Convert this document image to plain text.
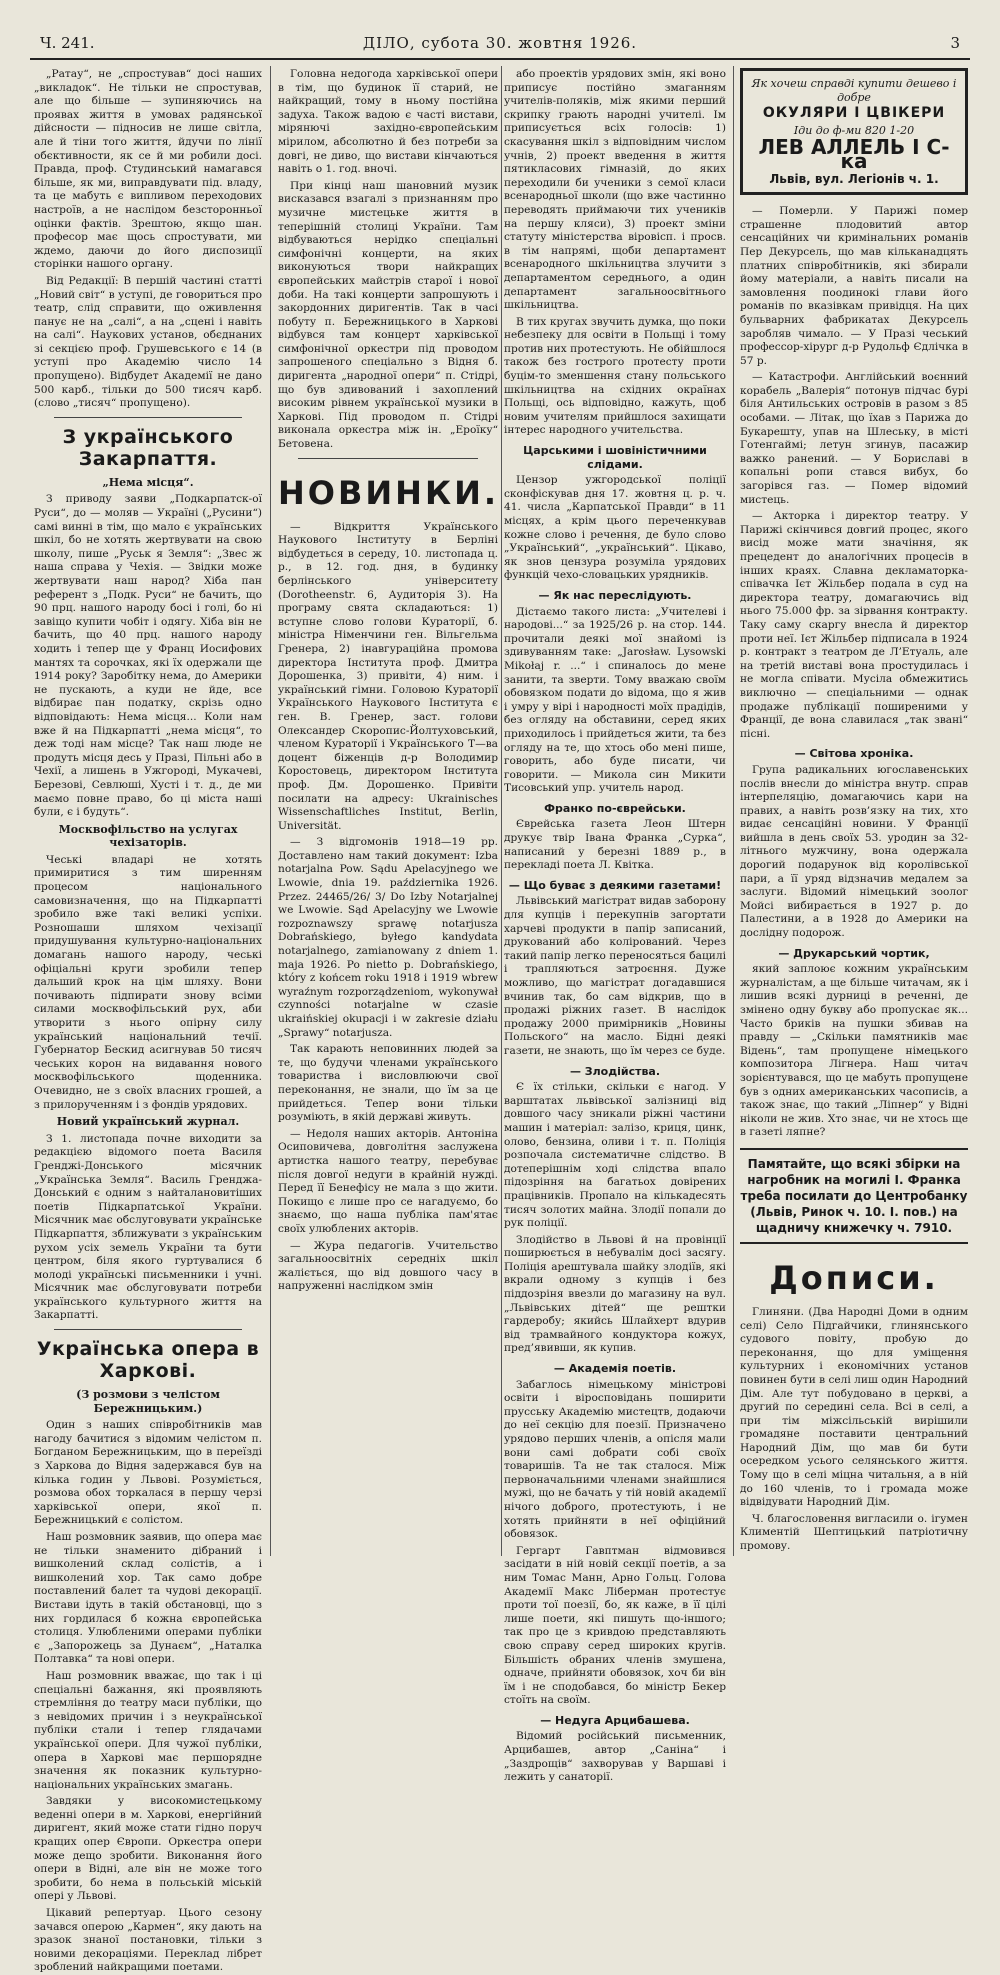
Ч. 241.	ДІЛО, субота 30. жовтня 1926.	3

„Ратау“, не „спростував“ досі наших „викладок“. Не тільки не спростував, але що більше — зупиняючись на проявах життя в умовах радянської дійсности — підносив не лише світла, але й тіни того життя, йдучи по лінії обєктивности, як се й ми робили досі. Правда, проф. Студинський намагався більше, як ми, виправдувати під. владу, та це мабуть є випливом переходових настроїв, а не наслідом безсторонньої оцінки фактів. Зрештою, якщо шан. професор має щось спростувати, ми ждемо, даючи до його диспозиції сторінки нашого органу.

Від Редакції: В першій частині статті „Новий світ“ в уступі, де говориться про театр, слід справити, що оживлення панує не на „салі“, а на „сцені і навіть на салі“. Наукових установ, обєднаних зі секцією проф. Грушевського є 14 (в уступі про Академію число 14 пропущено). Відбудет Академії не дано 500 карб., тільки до 500 тисяч карб. (слово „тисяч“ пропущено).

З українського Закарпаття.
„Нема місця“.

З приводу заяви „Подкарпатск-ої Руси“, до — моляв — Україні („Русини“) самі винні в тім, що мало є українських шкіл, бо не хотять жертвувати на свою школу, пише „Руськ я Земля“: „Звес ж наша справа у Чехія. — Звідки може жертвувати наш народ? Хіба пан референт з „Подк. Руси“ не бачить, що 90 прц. нашого народу босі і голі, бо ні завіщо купити чобіт і одягу. Хіба він не бачить, що 40 прц. нашого народу ходить і тепер ще у Франц Иосифових мантях та сорочках, які їх одержали ще 1914 року? Заробітку нема, до Америки не пускають, а куди не йде, все відбирає пан податку, скрізь одно відповідають: Нема місця... Коли нам вже й на Підкарпатті „нема місця“, то деж тоді нам місце? Так наш люде не продуть місця десь у Празі, Пільні або в Чехії, а лишень в Ужгороді, Мукачеві, Березові, Севлюші, Хусті і т. д., де ми маємо повне право, бо ці міста наші були, є і будуть“.

Москвофільство на услугах чехізаторів.

Чеські владарі не хотять примиритися з тим ширенням процесом національного самовизначення, що на Підкарпатті зробило вже такі великі успіхи. Розношаши шляхом чехізації придушування культурно-національних домагань нашого народу, чеські офіціальні круги зробили тепер дальший крок на цім шляху. Вони почивають підпирати знову всіми силами москвофільський рух, аби утворити з нього опірну силу український національний течії. Губернатор Бескид асигнував 50 тисяч чеських корон на видавання нового москвофільського щоденника. Очевидно, не з своїх власних грошей, а з прилорученням і з фондів урядових.

Новий український журнал.

З 1. листопада почне виходити за редакцією відомого поета Василя Гренджі-Донського місячник „Українська Земля“. Василь Гренджа-Донський є одним з найталановитіших поетів Підкарпатської України. Місячник має обслуговувати українське Підкарпаття, зближувати з українським рухом усіх земель України та бути центром, біля якого гуртувалися б молоді українські письменники і учні. Місячник має обслуговувати потреби українського культурного життя на Закарпатті.

Українська опера в Харкові.
(З розмови з челістом Бережницьким.)

Один з наших співробітників мав нагоду бачитися з відомим челістом п. Богданом Бережницьким, що в переїзді з Харкова до Відня задержався був на кілька годин у Львові. Розуміється, розмова обох торкалася в першу черзі харківської опери, якої п. Бережницький є солістом.

Наш розмовник заявив, що опера має не тільки знаменито дібраний і вишколений склад солістів, а і вишколений хор. Так само добре поставлений балет та чудові декорації. Вистави ідуть в такій обстановці, що з них гордилася б кожна європейська столиця. Улюбленими операми публіки є „Запорожець за Дунаєм“, „Наталка Полтавка“ та нові опери.

Наш розмовник вважає, що так і ці спеціальні бажання, які проявляють стремління до театру маси публіки, що з невідомих причин і з неукраїнської публіки стали і тепер глядачами української опери. Для чужої публіки, опера в Харкові має першорядне значення як показник культурно-національних українських змагань.

Завдяки у високомистецькому веденні опери в м. Харкові, енергійний диригент, який може стати гідно поруч кращих опер Європи. Оркестра опери може дещо зробити. Виконання його опери в Віднi, але він не може того зробити, бо нема в польській міській опері у Львові.

Цікавий репертуар. Цього сезону зачався оперою „Кармен“, яку дають на зразок знаної постановки, тільки з новими декораціями. Переклад лібрет зроблений найкращими поетами.

Головна недогода харківської опери в тім, що будинок її старий, не найкращий, тому в ньому постійна задуха. Також вадою є часті вистави, мірянючі західно-європейським мірилом, абсолютно й без потреби за довгі, не диво, що вистави кінчаються навіть о 1. год. вночі.

При кінці наш шановний музик висказався взагалі з признанням про музичне мистецьке життя в теперішній столиці України. Там відбуваються нерідко спеціальні симфонічні концерти, на яких виконуються твори найкращих європейських майстрів старої і нової доби. На такі концерти запрошують і закордонних диригентів. Так в часі побуту п. Бережницького в Харкові відбувся там концерт харківської симфонічної оркестри під проводом запрошеного спеціально з Відня б. диригента „народної опери“ п. Стідрі, що був здивований і захоплений високим рівнем української музики в Харкові. Під проводом п. Стідрі виконала оркестра між ін. „Ероїку“ Бетовена.

НОВИНКИ.

— Відкриття Українського Наукового Інституту в Берліні відбудеться в середу, 10. листопада ц. р., в 12. год. дня, в будинку берлінського університету (Dorotheenstr. 6, Аудиторія 3). На програму свята складаються: 1) вступне слово голови Кураторії, б. міністра Німенчини ген. Вільгельма Гренера, 2) інавгураційна промова директора Інститута проф. Дмитра Дорошенка, 3) привіти, 4) ним. і український гімни. Головою Кураторії Українського Наукового Інститута є ген. В. Гренер, заст. голови Олександер Скоропис-Йолтуховський, членом Кураторії і Українського Т—ва доцент біженців д-р Володимир Коростовець, директором Інститута проф. Дм. Дорошенко. Привіти посилати на адресу: Ukrainisches Wissenschaftliches Institut, Berlin, Universität.

— З відгомонів 1918—19 рр. Доставлено нам такий документ: Izba notarjalna Pow. Sądu Apelacyjnego we Lwowie, dnia 19. października 1926. Przez. 24465/26/ 3/ Do Izby Notarjalnej we Lwowie. Sąd Apelacyjny we Lwowie rozpoznawszy sprawę notarjusza Dobrańskiego, byłego kandydata notarjalnego, zamianowany z dniem 1. maja 1926. Po nietto p. Dobrańskiego, który z końcem roku 1918 i 1919 wbrew wyraźnym rozporządzeniom, wykonywał czynności notarjalne w czasie ukraińskiej okupacji i w zakresie działu „Sprawy“ notarjusza.

Так карають неповинних людей за те, що будучи членами українського товариства і висловлюючи свої переконання, не знали, що їм за це прийдеться. Тепер вони тільки розуміють, в якій державі живуть.

— Недоля наших акторів. Антоніна Осиповичева, довголітня заслужена артистка нашого театру, перебуває після довгої недуги в крайній нужді. Перед її Бенефісу не мала з що жити. Покищо є лише про се нагадуємо, бо знаємо, що наша публіка пам'ятає своїх улюблених акторів.

— Жура педагогів. Учительство загальноосвітніх середніх шкіл жаліється, що від довшого часу в напруженні наслідком змін

або проектів урядових змін, які воно приписує постійно змаганням учителів-поляків, між якими перший скрипку грають народні учителі. Ім приписується всіх голосів: 1) скасування шкіл з відповідним числом учнів, 2) проект введення в життя пятикласових гімназій, до яких переходили би ученики з семої класи всенародньої школи (що вже частинно переводять приймаючи тих учеників на першу кляси), 3) проект зміни статуту міністерства віровісп. і просв. в тім напрямі, щоби департамент всенародного шкільництва злучити з департаментом середнього, а один департамент загальноосвітнього шкільництва.

В тих кругах звучить думка, що поки небезпеку для освіти в Польщі і тому против них протестують. Не обійшлося також без гострого протесту проти буцім-то зменшення стану польського шкільництва на східних окраїнах Польщі, ось відповідно, кажуть, щоб новим учителям прийшлося захищати інтерес народного учительства.

Царськими і шовіністичними слідами.

Цензор ужгородської поліції сконфіскував дня 17. жовтня ц. р. ч. 41. числа „Карпатської Правди“ в 11 місцях, а крім цього переченкував кожне слово і речення, де було слово „Український“, „український“. Цікаво, як знов цензура розуміла урядових функцій чехо-словацьких урядників.

— Як нас переслідують.

Дістаємо такого листа: „Учителеві і народові...“ за 1925/26 р. на стор. 144. прочитали деякі мої знайомі із здивуванням таке: „Jarosław. Lysowski Mikołaj r. ...“ і спиналось до мене занити, та зверти. Тому вважаю своїм обовязком подати до відома, що я жив і умру у вірі і народності моїх прадідів, без огляду на обставини, серед яких приходилось і прийдеться жити, та без огляду на те, що хтось обо мені пише, говорить, або буде писати, чи говорити. — Микола син Микити Тисовський упр. учитель народ.

Франко по-єврейськи.

Єврейська газета Леон Штерн друкує твір Івана Франка „Сурка“, написаний у березні 1889 р., в перекладі поета Л. Квітка.

— Що буває з деякими газетами!

Львівський магістрат видав заборону для купців і перекупнів загортати харчеві продукти в папір записаний, друкований або колірований. Через такий папір легко переносяться бацилі і трапляються затроєння. Дуже можливо, що магістрат догадавшися вчинив так, бо сам відкрив, що в продажі ріжних газет. В наслідок продажу 2000 примірників „Новины Польского“ на масло. Бідні деякі газети, не знають, що їм через се буде.

— Злодійства.

Є їх стільки, скільки є нагод. У варштатах львівської залізниці від довшого часу зникали ріжні частини машин і матеріал: залізо, криця, цинк, олово, бензина, оливи і т. п. Поліція розпочала систематичне слідство. В дотеперішнім ході слідства впало підозріння на багатьох довірених працівників. Пропало на кількадесять тисяч золотих майна. Злодії попали до рук поліції.

Злодійство в Львові й на провінції поширюється в небувалім досі засягу. Поліція арештувала шайку злодіїв, які вкрали одному з купців і без піддозріня ввезли до магазину на вул. „Львівських дітей“ ще рештки гардеробу; якийсь Шлайхерт вдурив від трамвайного кондуктора кожух, пред’явивши, як купив.

— Академія поетів.

Забаглось німецькому міністрові освіти і віросповідань поширити прусську Академію мистецтв, додаючи до неї секцію для поезії. Призначено урядово перших членів, а опісля мали вони самі добрати собі своїх товаришів. Та не так сталося. Між первоначальними членами знайшлися мужі, що не бачать у тій новій академії нічого доброго, протестують, і не хотять прийняти в неї офіційний обовязок.

Гергарт Гавптман відмовився засідати в ній новій секції поетів, а за ним Томас Манн, Арно Гольц. Голова Академії Макс Ліберман протестує проти тої поезії, бо, як каже, в її цілі лише поети, які пишуть що-іншого; так про це з кривдою представляють свою справу серед широких кругів. Більшість обраних членів змушена, одначе, прийняти обовязок, хоч би він їм і не сподобався, бо міністр Бекер стоїть на своїм.

— Недуга Арцибашева.

Відомий російський письменник, Арцибашев, автор „Саніна“ і „Заздрощів“ захворував у Варшаві і лежить у санаторії.

Як хочеш справді купити дешево і добре
ОКУЛЯРИ І ЦВІКЕРИ
Іди до ф-ми 820 1-20
ЛЕВ АЛЛЕЛЬ І С-ка
Львів, вул. Легіонів ч. 1.

— Померли. У Парижі помер страшенне плодовитий автор сенсаційних чи кримінальних романів Пер Декурсель, що мав кільканадцять платних співробітників, які збирали йому матеріали, а навіть писали на замовлення поодинокі глави його романів по вказівкам привідця. На цих бульварних фабрикатах Декурсель заробляв чимало. — У Празі чеський профессор-хірург д-р Рудольф Єдлічка в 57 р.

— Катастрофи. Англійський воєнний корабель „Валерія“ потонув підчас бурі біля Антильських островів в разом з 85 особами. — Літак, що їхав з Парижа до Букарешту, упав на Шлеську, в місті Готенгаймі; летун згинув, пасажир важко ранений. — У Бориславі в копальні ропи стався вибух, бо загорівся газ. — Помер відомий мистець.

— Акторка і директор театру. У Парижі скінчився довгий процес, якого висід може мати значіння, як прецедент до аналогічних процесів в інших краях. Славна декламаторка-співачка Ієт Жільбер подала в суд на директора театру, домагаючись від нього 75.000 фр. за зірвання контракту. Таку саму скаргу внесла й директор проти неї. Ієт Жільбер підписала в 1924 р. контракт з театром де Л’Етуаль, але на третій виставі вона простудилась і не могла співати. Мусіла обмежитись виключно — спеціальними — однак продаже публікації поширеними у Франції, де вона славилася „так звані“ пісні.

— Світова хроніка.

Група радикальних югославенських послів внесли до міністра внутр. справ інтерпеляцію, домагаючись кари на правих, а навіть розв’язку на тих, хто видає сенсаційні новини. У Франції вийшла в день своїх 53. уродин за 32-літнього мужчину, вона одержала дорогий подарунок від королівської пари, а її уряд відзначив медалем за заслуги. Відомий німецький зоолог Мойсі вибирається в 1927 р. до Палестини, а в 1928 до Америки на дослідну подорож.

— Друкарський чортик,

який заплоює кожним українським журналістам, а ще більше читачам, як і лишив всякі дурниці в реченні, де змінено одну букву або пропускає як... Часто бриків на пушки збивав на правду — „Скільки памятників має Відень“, там пропущене німецького композитора Лігнера. Наш читач зорієнтувався, що це мабуть пропущене був з одних американських часописів, а також знає, що такий „Ліпнер“ у Відні ніколи не жив. Хто знає, чи не хтось ще в газеті ляпне?

Памятайте, що всякі збірки на нагробник на могилі І. Франка треба посилати до Центробанку (Львів, Ринок ч. 10. І. пов.) на щадничу книжечку ч. 7910.
Дописи.

Глиняни. (Два Народні Доми в одним селі) Село Підгайчики, глинянського судового повіту, пробую до переконання, що для уміщення культурних і економічних установ повинен бути в селі лиш один Народний Дім. Але тут побудовано в церкві, а другий по середині села. Всі в селі, а при тім міжсільській вирішили громадяне поставити центральний Народний Дім, що мав би бути осередком усього селянського життя. Тому що в селі міцна читальня, а в ній до 160 членів, то і громада може відвідувати Народний Дім.

Ч. благословення вигласили о. ігумен Климентій Шептицький патріотичну промову.
